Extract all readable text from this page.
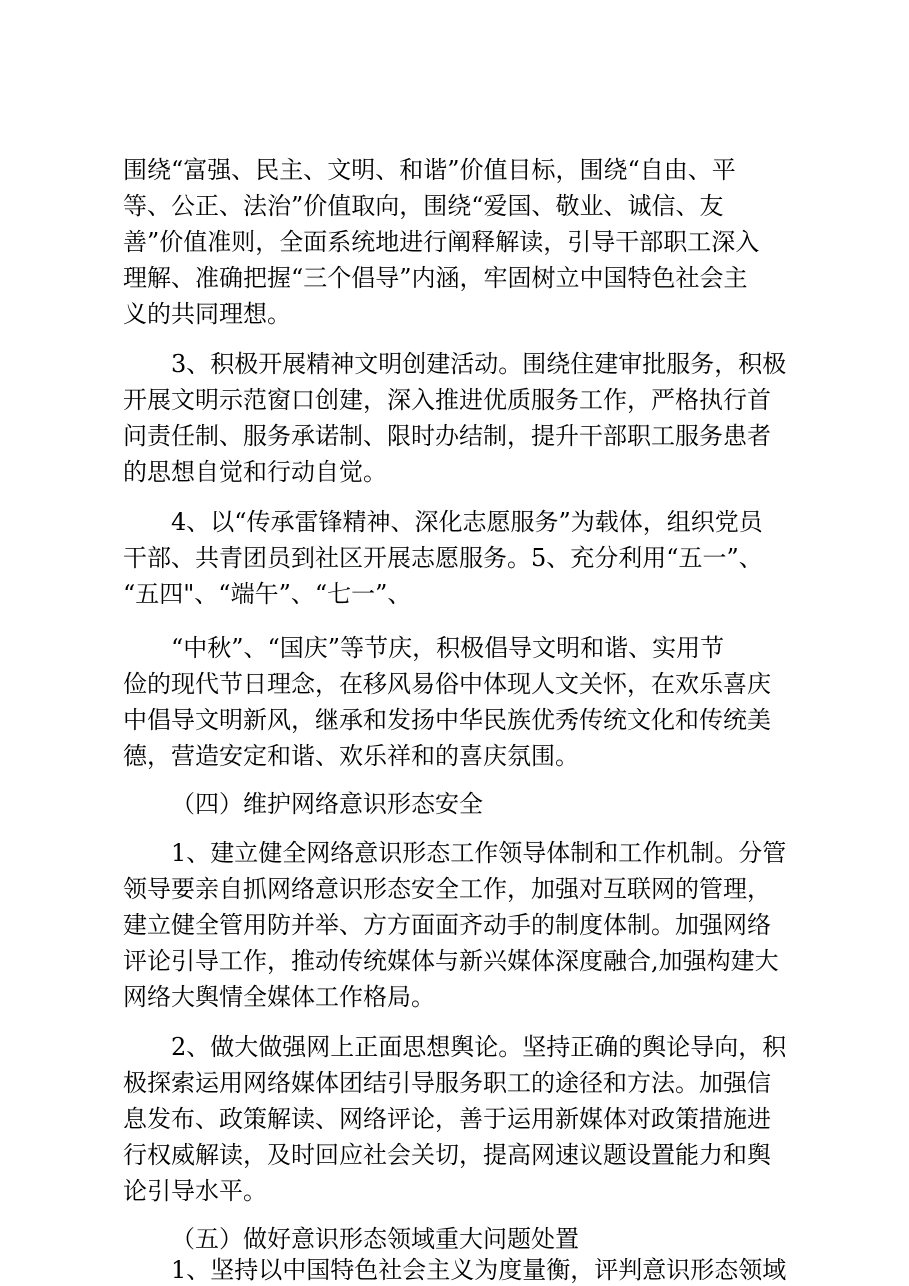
围绕“富强、民主、文明、和谐”价值目标，围绕“自由、平
等、公正、法治”价值取向，围绕“爱国、敬业、诚信、友
善”价值准则，全面系统地进行阐释解读，引导干部职工深入
理解、准确把握“三个倡导”内涵，牢固树立中国特色社会主
义的共同理想。
3、积极开展精神文明创建活动。围绕住建审批服务，积极
开展文明示范窗口创建，深入推进优质服务工作，严格执行首
问责任制、服务承诺制、限时办结制，提升干部职工服务患者
的思想自觉和行动自觉。
4、以“传承雷锋精神、深化志愿服务”为载体，组织党员
干部、共青团员到社区开展志愿服务。5、充分利用“五一”、
“五四"、“端午”、“七一”、
“中秋”、“国庆”等节庆，积极倡导文明和谐、实用节
俭的现代节日理念，在移风易俗中体现人文关怀，在欢乐喜庆
中倡导文明新风，继承和发扬中华民族优秀传统文化和传统美
德，营造安定和谐、欢乐祥和的喜庆氛围。
（四）维护网络意识形态安全
1、建立健全网络意识形态工作领导体制和工作机制。分管
领导要亲自抓网络意识形态安全工作，加强对互联网的管理，
建立健全管用防并举、方方面面齐动手的制度体制。加强网络
评论引导工作，推动传统媒体与新兴媒体深度融合,加强构建大
网络大舆情全媒体工作格局。
2、做大做强网上正面思想舆论。坚持正确的舆论导向，积
极探索运用网络媒体团结引导服务职工的途径和方法。加强信
息发布、政策解读、网络评论，善于运用新媒体对政策措施进
行权威解读，及时回应社会关切，提高网速议题设置能力和舆
论引导水平。
（五）做好意识形态领域重大问题处置
1、坚持以中国特色社会主义为度量衡，评判意识形态领域
